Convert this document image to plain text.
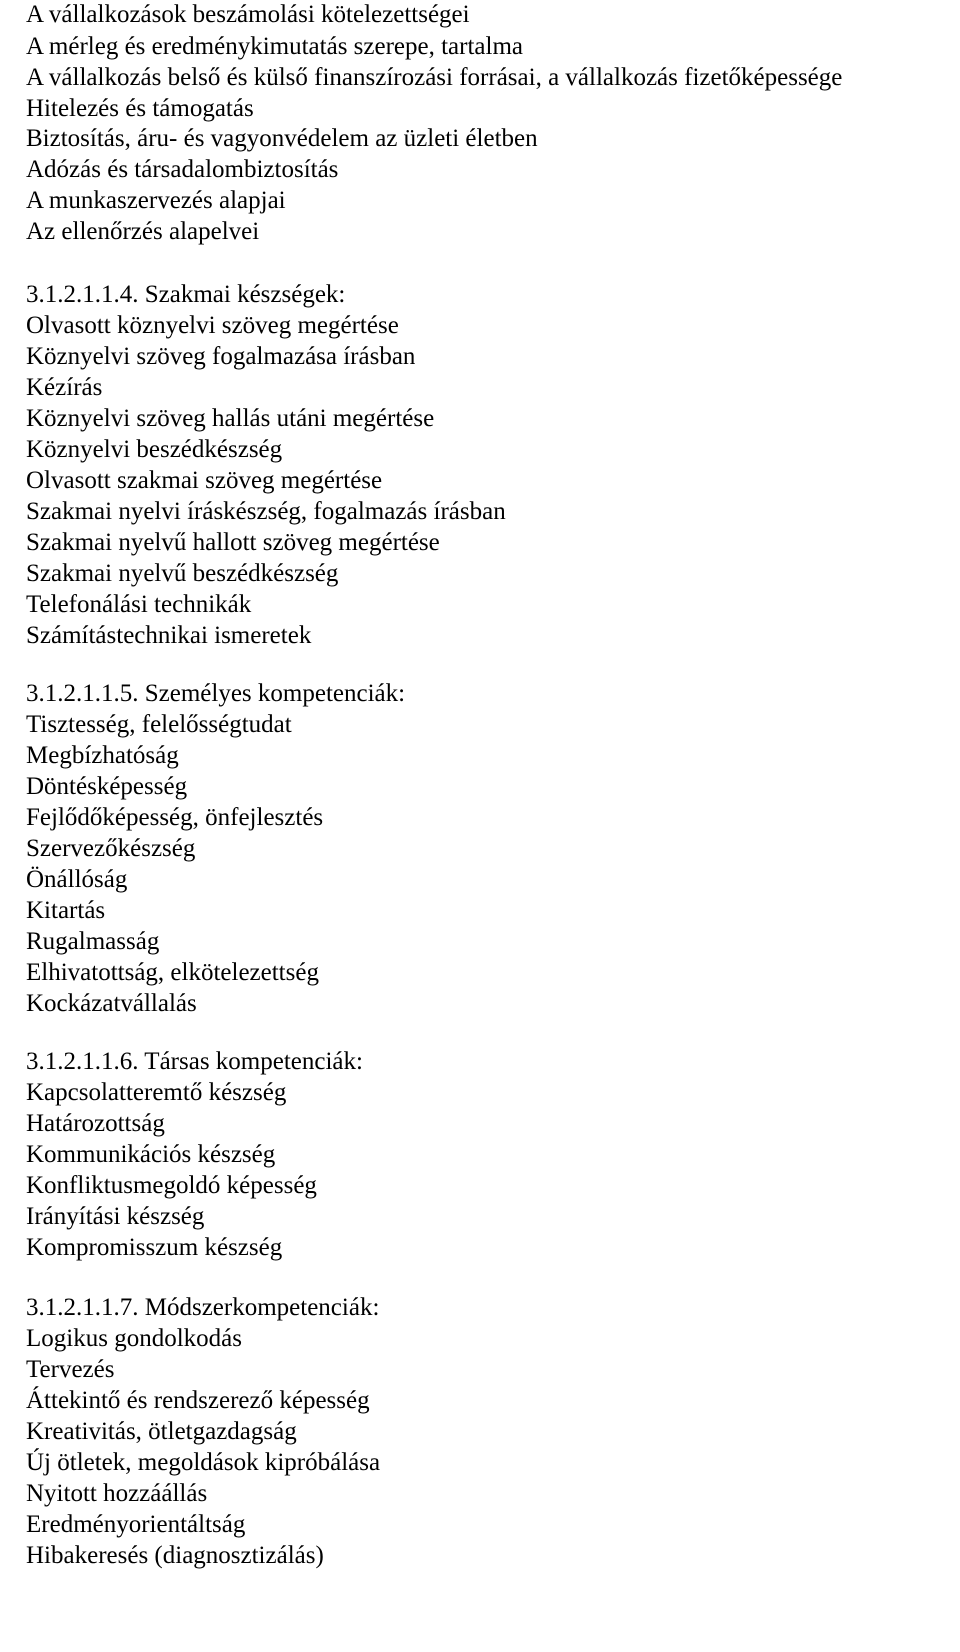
A vállalkozások beszámolási kötelezettségei
A mérleg és eredménykimutatás szerepe, tartalma
A vállalkozás belső és külső finanszírozási forrásai, a vállalkozás fizetőképessége
Hitelezés és támogatás
Biztosítás, áru- és vagyonvédelem az üzleti életben
Adózás és társadalombiztosítás
A munkaszervezés alapjai
Az ellenőrzés alapelvei
3.1.2.1.1.4. Szakmai készségek:
Olvasott köznyelvi szöveg megértése
Köznyelvi szöveg fogalmazása írásban
Kézírás
Köznyelvi szöveg hallás utáni megértése
Köznyelvi beszédkészség
Olvasott szakmai szöveg megértése
Szakmai nyelvi íráskészség, fogalmazás írásban
Szakmai nyelvű hallott szöveg megértése
Szakmai nyelvű beszédkészség
Telefonálási technikák
Számítástechnikai ismeretek
3.1.2.1.1.5. Személyes kompetenciák:
Tisztesség, felelősségtudat
Megbízhatóság
Döntésképesség
Fejlődőképesség, önfejlesztés
Szervezőkészség
Önállóság
Kitartás
Rugalmasság
Elhivatottság, elkötelezettség
Kockázatvállalás
3.1.2.1.1.6. Társas kompetenciák:
Kapcsolatteremtő készség
Határozottság
Kommunikációs készség
Konfliktusmegoldó képesség
Irányítási készség
Kompromisszum készség
3.1.2.1.1.7. Módszerkompetenciák:
Logikus gondolkodás
Tervezés
Áttekintő és rendszerező képesség
Kreativitás, ötletgazdagság
Új ötletek, megoldások kipróbálása
Nyitott hozzáállás
Eredményorientáltság
Hibakeresés (diagnosztizálás)
